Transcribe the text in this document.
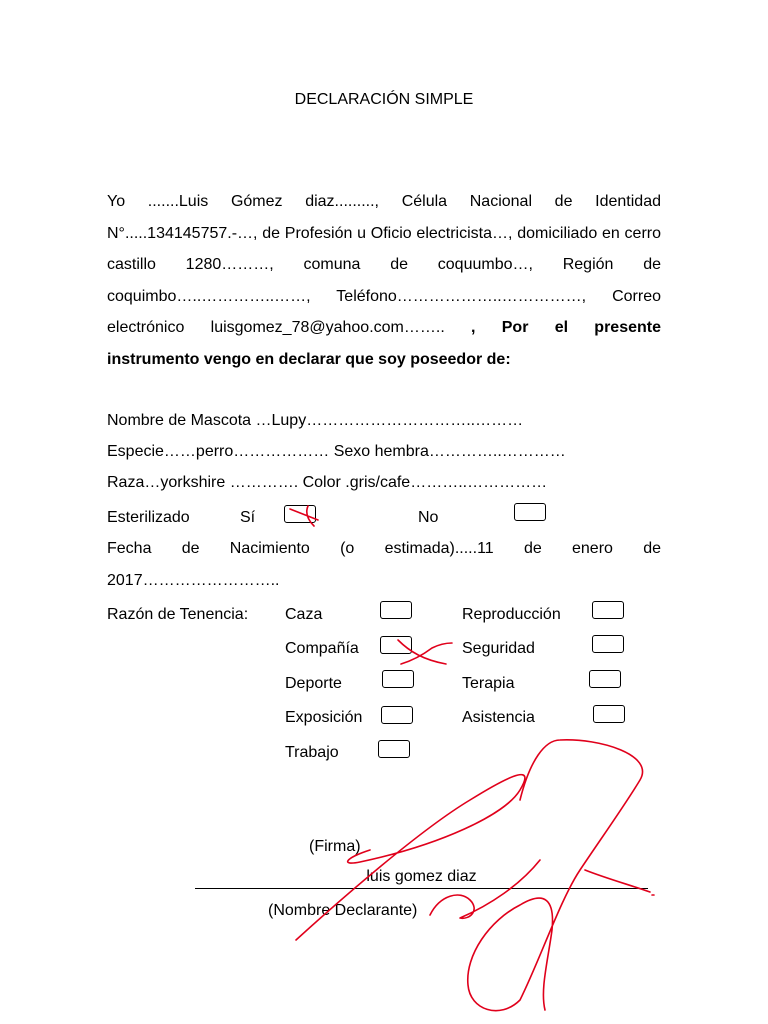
DECLARACIÓN SIMPLE
Yo .......Luis Gómez diaz........., Célula Nacional de Identidad N°.....134145757.-…, de Profesión u Oficio electricista…, domiciliado en cerro castillo 1280………, comuna de coquumbo…, Región de coquimbo…..…………..……, Teléfono………………..……………, Correo electrónico luisgomez_78@yahoo.com…….. , Por el presente
instrumento vengo en declarar que soy poseedor de:
Nombre de Mascota …Lupy…………………………..………
Especie……perro……………… Sexo hembra…………..…………
Raza…yorkshire …………. Color .gris/cafe………..……………
Esterilizado	Sí	No
Fecha de Nacimiento (o estimada).....11 de enero de
2017……………………..
Razón de Tenencia: Caza
Compañía
Deporte
Exposición
Trabajo
Reproducción
Seguridad
Terapia
Asistencia
(Firma)
luis gomez diaz
(Nombre Declarante)
